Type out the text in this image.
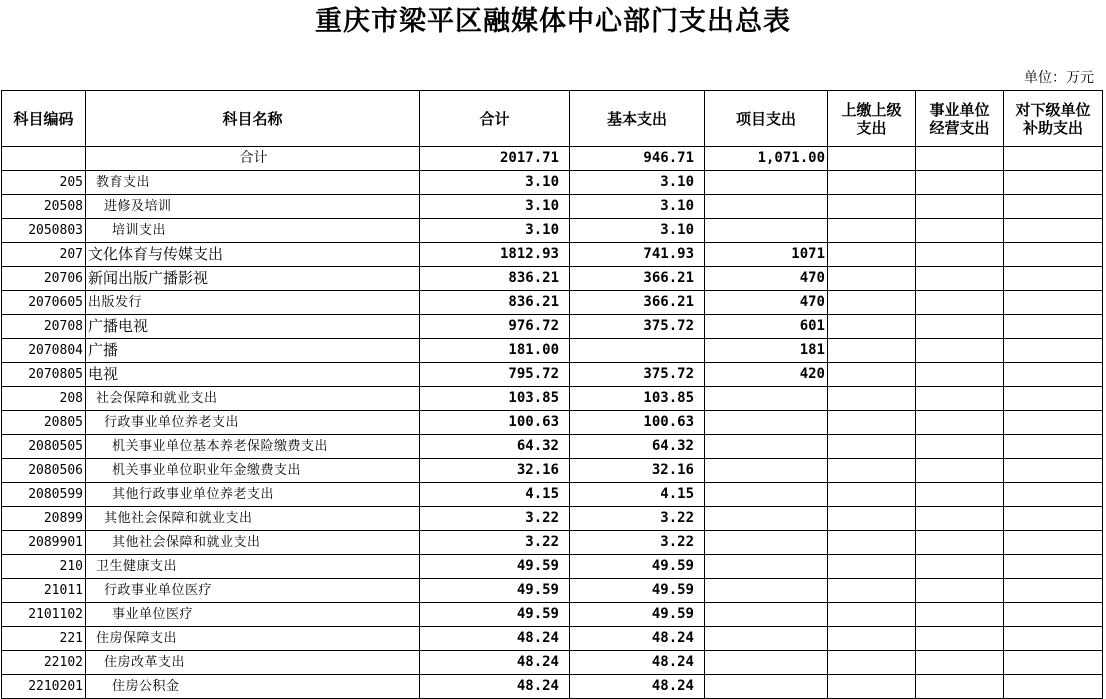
重庆市梁平区融媒体中心部门支出总表
单位：万元
科目编码	科目名称	合计	基本支出	项目支出	上缴上级支出	事业单位经营支出	对下级单位补助支出

	合计	2017.71	946.71	1,071.00			
205	教育支出	3.10	3.10				
20508	进修及培训	3.10	3.10				
2050803	培训支出	3.10	3.10				
207	文化体育与传媒支出	1812.93	741.93	1071			
20706	新闻出版广播影视	836.21	366.21	470			
2070605	出版发行	836.21	366.21	470			
20708	广播电视	976.72	375.72	601			
2070804	广播	181.00		181			
2070805	电视	795.72	375.72	420			
208	社会保障和就业支出	103.85	103.85				
20805	行政事业单位养老支出	100.63	100.63				
2080505	机关事业单位基本养老保险缴费支出	64.32	64.32				
2080506	机关事业单位职业年金缴费支出	32.16	32.16				
2080599	其他行政事业单位养老支出	4.15	4.15				
20899	其他社会保障和就业支出	3.22	3.22				
2089901	其他社会保障和就业支出	3.22	3.22				
210	卫生健康支出	49.59	49.59				
21011	行政事业单位医疗	49.59	49.59				
2101102	事业单位医疗	49.59	49.59				
221	住房保障支出	48.24	48.24				
22102	住房改革支出	48.24	48.24				
2210201	住房公积金	48.24	48.24				
